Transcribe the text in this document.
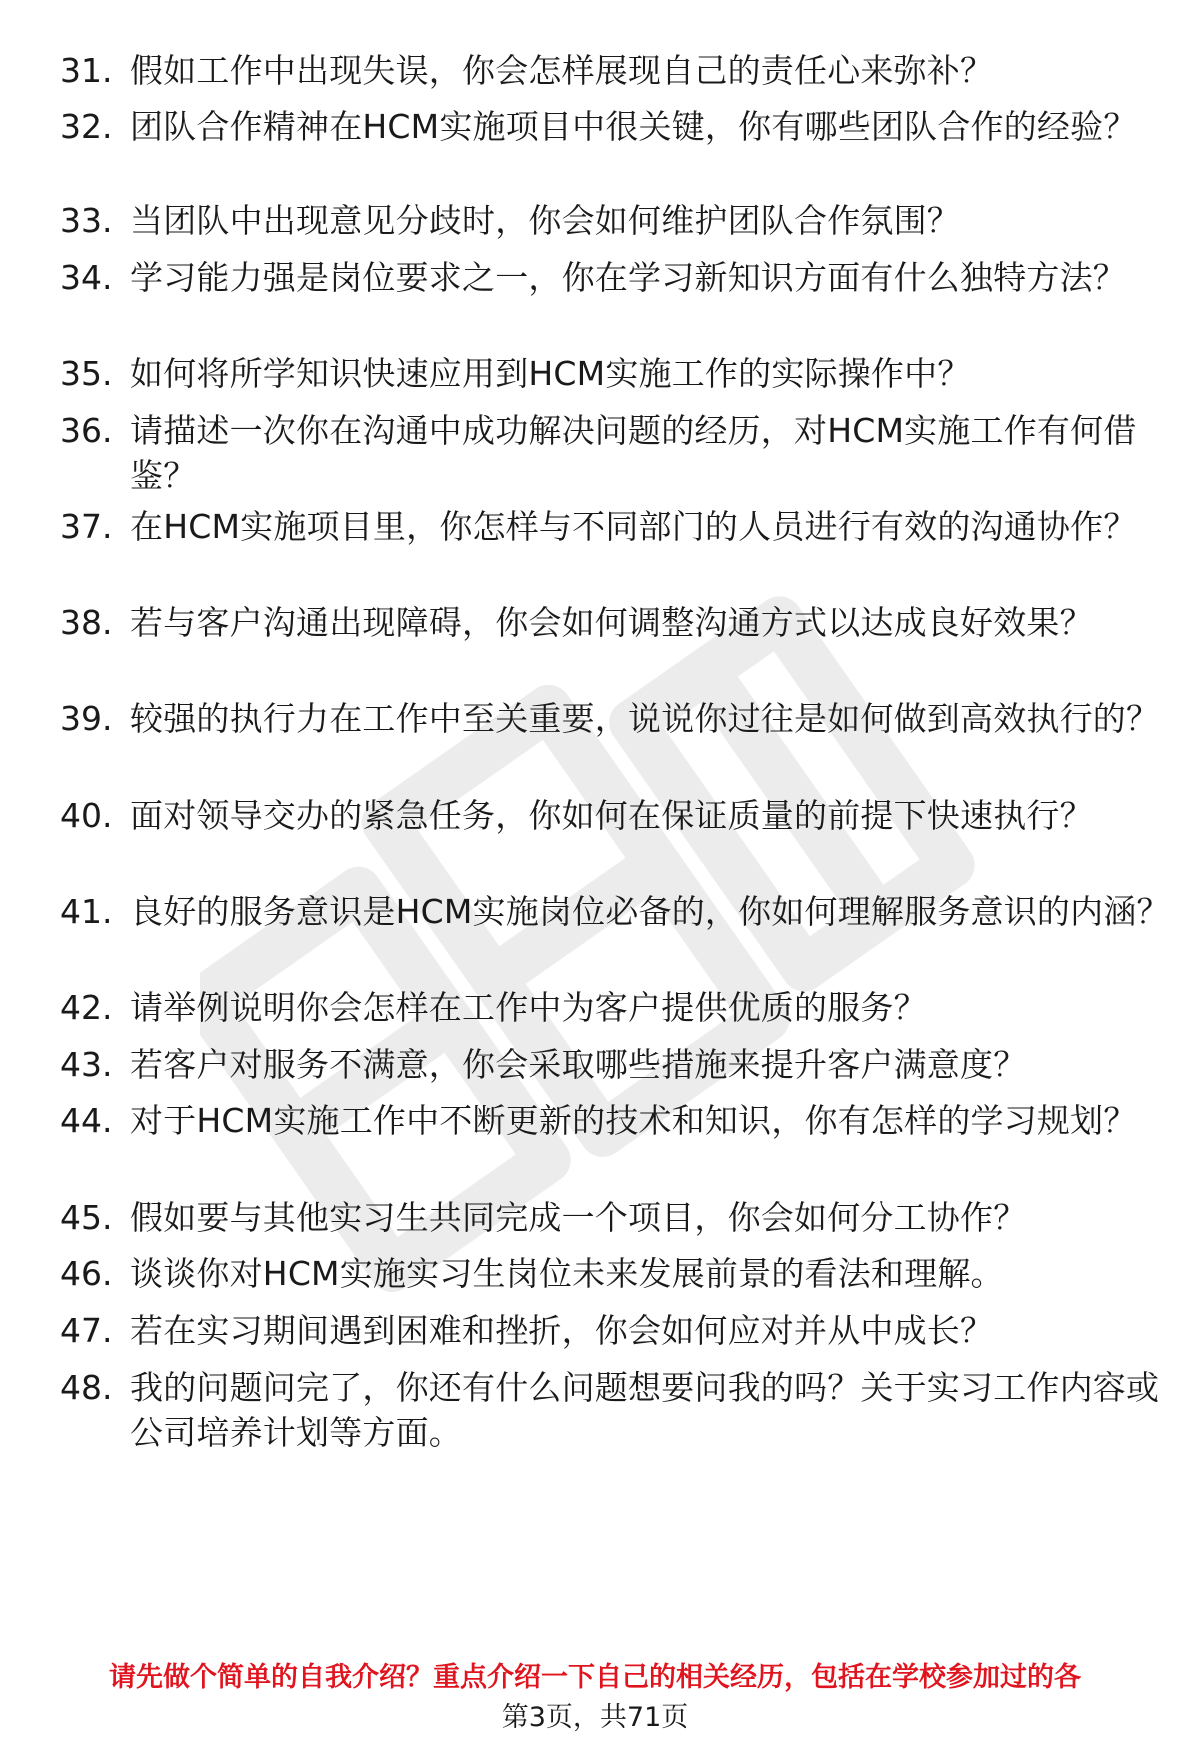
31. 假如工作中出现失误，你会怎样展现自己的责任心来弥补？
32. 团队合作精神在HCM实施项目中很关键，你有哪些团队合作的经验？
33. 当团队中出现意见分歧时，你会如何维护团队合作氛围？
34. 学习能力强是岗位要求之一，你在学习新知识方面有什么独特方法？
35. 如何将所学知识快速应用到HCM实施工作的实际操作中？
36. 请描述一次你在沟通中成功解决问题的经历，对HCM实施工作有何借鉴？
37. 在HCM实施项目里，你怎样与不同部门的人员进行有效的沟通协作？
38. 若与客户沟通出现障碍，你会如何调整沟通方式以达成良好效果？
39. 较强的执行力在工作中至关重要，说说你过往是如何做到高效执行的？
40. 面对领导交办的紧急任务，你如何在保证质量的前提下快速执行？
41. 良好的服务意识是HCM实施岗位必备的，你如何理解服务意识的内涵？
42. 请举例说明你会怎样在工作中为客户提供优质的服务？
43. 若客户对服务不满意，你会采取哪些措施来提升客户满意度？
44. 对于HCM实施工作中不断更新的技术和知识，你有怎样的学习规划？
45. 假如要与其他实习生共同完成一个项目，你会如何分工协作？
46. 谈谈你对HCM实施实习生岗位未来发展前景的看法和理解。
47. 若在实习期间遇到困难和挫折，你会如何应对并从中成长？
48. 我的问题问完了，你还有什么问题想要问我的吗？关于实习工作内容或公司培养计划等方面。
请先做个简单的自我介绍？重点介绍一下自己的相关经历，包括在学校参加过的各
第3页，共71页
